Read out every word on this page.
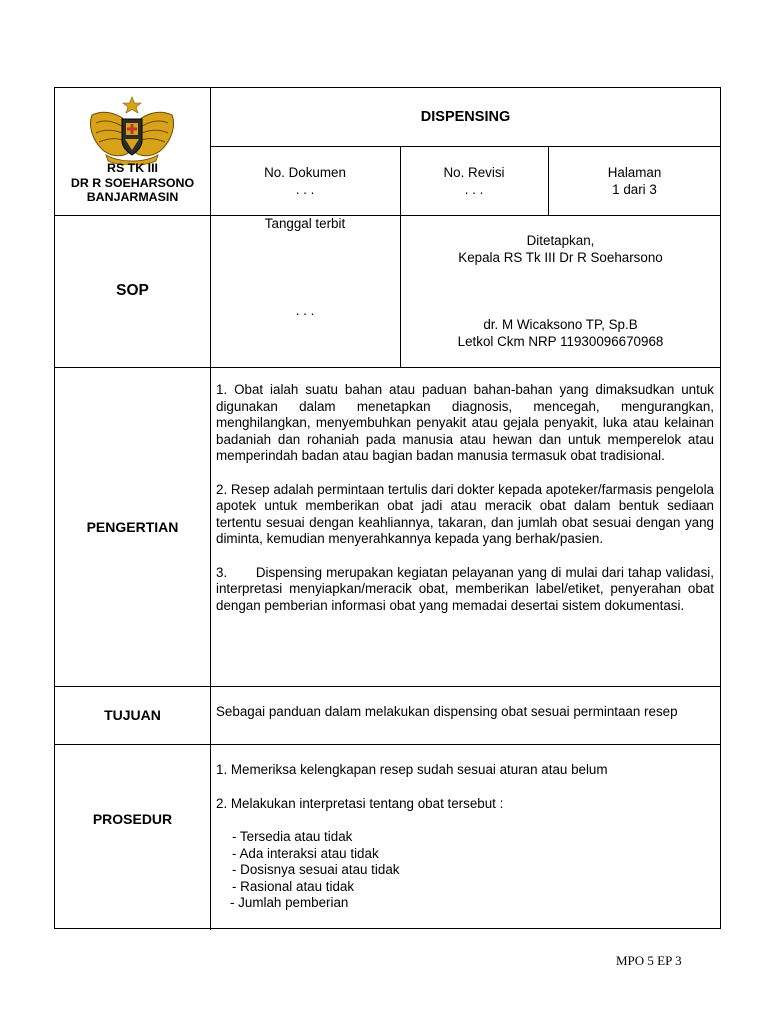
RS TK III
DR R SOEHARSONO
BANJARMASIN
DISPENSING
No. Dokumen
. . .
No. Revisi
. . .
Halaman
1 dari 3
SOP
Tanggal terbit
. . .
Ditetapkan,
Kepala RS Tk III Dr R Soeharsono
dr. M Wicaksono TP, Sp.B
Letkol Ckm NRP 11930096670968
PENGERTIAN

1. Obat ialah suatu bahan atau paduan bahan-bahan yang dimaksudkan untuk digunakan dalam menetapkan diagnosis, mencegah, mengurangkan, menghilangkan, menyembuhkan penyakit atau gejala penyakit, luka atau kelainan badaniah dan rohaniah pada manusia atau hewan dan untuk memperelok atau memperindah badan atau bagian badan manusia termasuk obat tradisional.

2. Resep adalah permintaan tertulis dari dokter kepada apoteker/farmasis pengelola apotek untuk memberikan obat jadi atau meracik obat dalam bentuk sediaan tertentu sesuai dengan keahliannya, takaran, dan jumlah obat sesuai dengan yang diminta, kemudian menyerahkannya kepada yang berhak/pasien.

3.       Dispensing merupakan kegiatan pelayanan yang di mulai dari tahap validasi, interpretasi menyiapkan/meracik obat, memberikan label/etiket, penyerahan obat dengan pemberian informasi obat yang memadai desertai sistem dokumentasi.

TUJUAN	Sebagai panduan dalam melakukan dispensing obat sesuai permintaan resep
PROSEDUR
1. Memeriksa kelengkapan resep sudah sesuai aturan atau belum
2. Melakukan interpretasi tentang obat tersebut :
- Tersedia atau tidak
- Ada interaksi atau tidak
- Dosisnya sesuai atau tidak
- Rasional atau tidak
- Jumlah pemberian
MPO 5 EP 3
